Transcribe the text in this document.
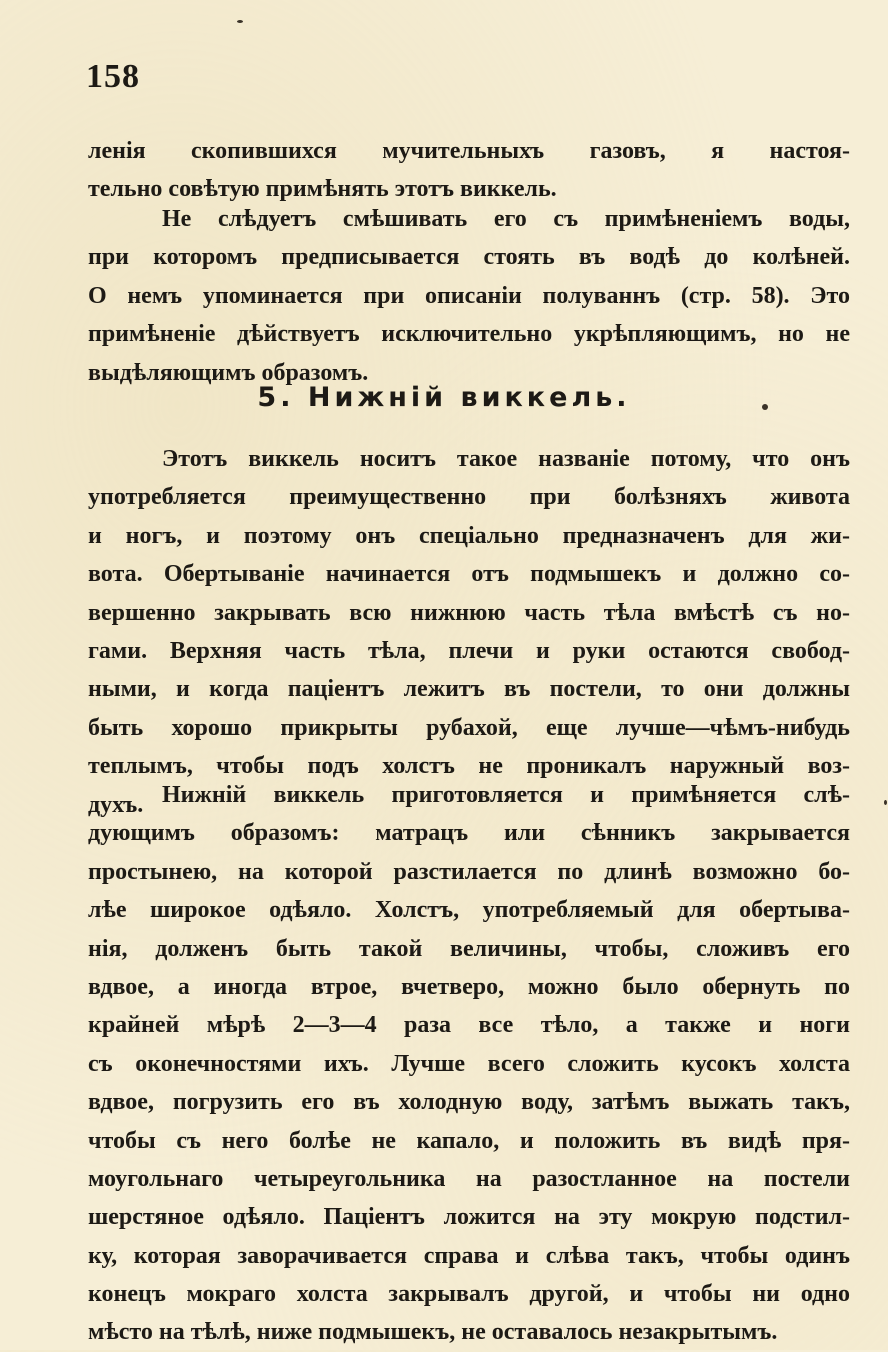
158
ленія скопившихся мучительныхъ газовъ, я настоя-
тельно совѣтую примѣнять этотъ виккель.
Не слѣдуетъ смѣшивать его съ примѣненіемъ воды,
при которомъ предписывается стоять въ водѣ до колѣней.
О немъ упоминается при описаніи полуваннъ (стр. 58). Это
примѣненіе дѣйствуетъ исключительно укрѣпляющимъ, но не
выдѣляющимъ образомъ.
5. Нижній виккель.
Этотъ виккель носитъ такое названіе потому, что онъ
употребляется преимущественно при болѣзняхъ живота
и ногъ, и поэтому онъ спеціально предназначенъ для жи-
вота. Обертываніе начинается отъ подмышекъ и должно со-
вершенно закрывать всю нижнюю часть тѣла вмѣстѣ съ но-
гами. Верхняя часть тѣла, плечи и руки остаются свобод-
ными, и когда паціентъ лежитъ въ постели, то они должны
быть хорошо прикрыты рубахой, еще лучше—чѣмъ-нибудь
теплымъ, чтобы подъ холстъ не проникалъ наружный воз-
духъ. Нижній виккель приготовляется и примѣняется слѣ-
дующимъ образомъ: матрацъ или сѣнникъ закрывается
простынею, на которой разстилается по длинѣ возможно бо-
лѣе широкое одѣяло. Холстъ, употребляемый для обертыва-
нія, долженъ быть такой величины, чтобы, сложивъ его
вдвое, а иногда втрое, вчетверо, можно было обернуть по
крайней мѣрѣ 2—3—4 раза все тѣло, а также и ноги
съ оконечностями ихъ. Лучше всего сложить кусокъ холста
вдвое, погрузить его въ холодную воду, затѣмъ выжать такъ,
чтобы съ него болѣе не капало, и положить въ видѣ пря-
моугольнаго четыреугольника на разостланное на постели
шерстяное одѣяло. Паціентъ ложится на эту мокрую подстил-
ку, которая заворачивается справа и слѣва такъ, чтобы одинъ
конецъ мокраго холста закрывалъ другой, и чтобы ни одно
мѣсто на тѣлѣ, ниже подмышекъ, не оставалось незакрытымъ.
